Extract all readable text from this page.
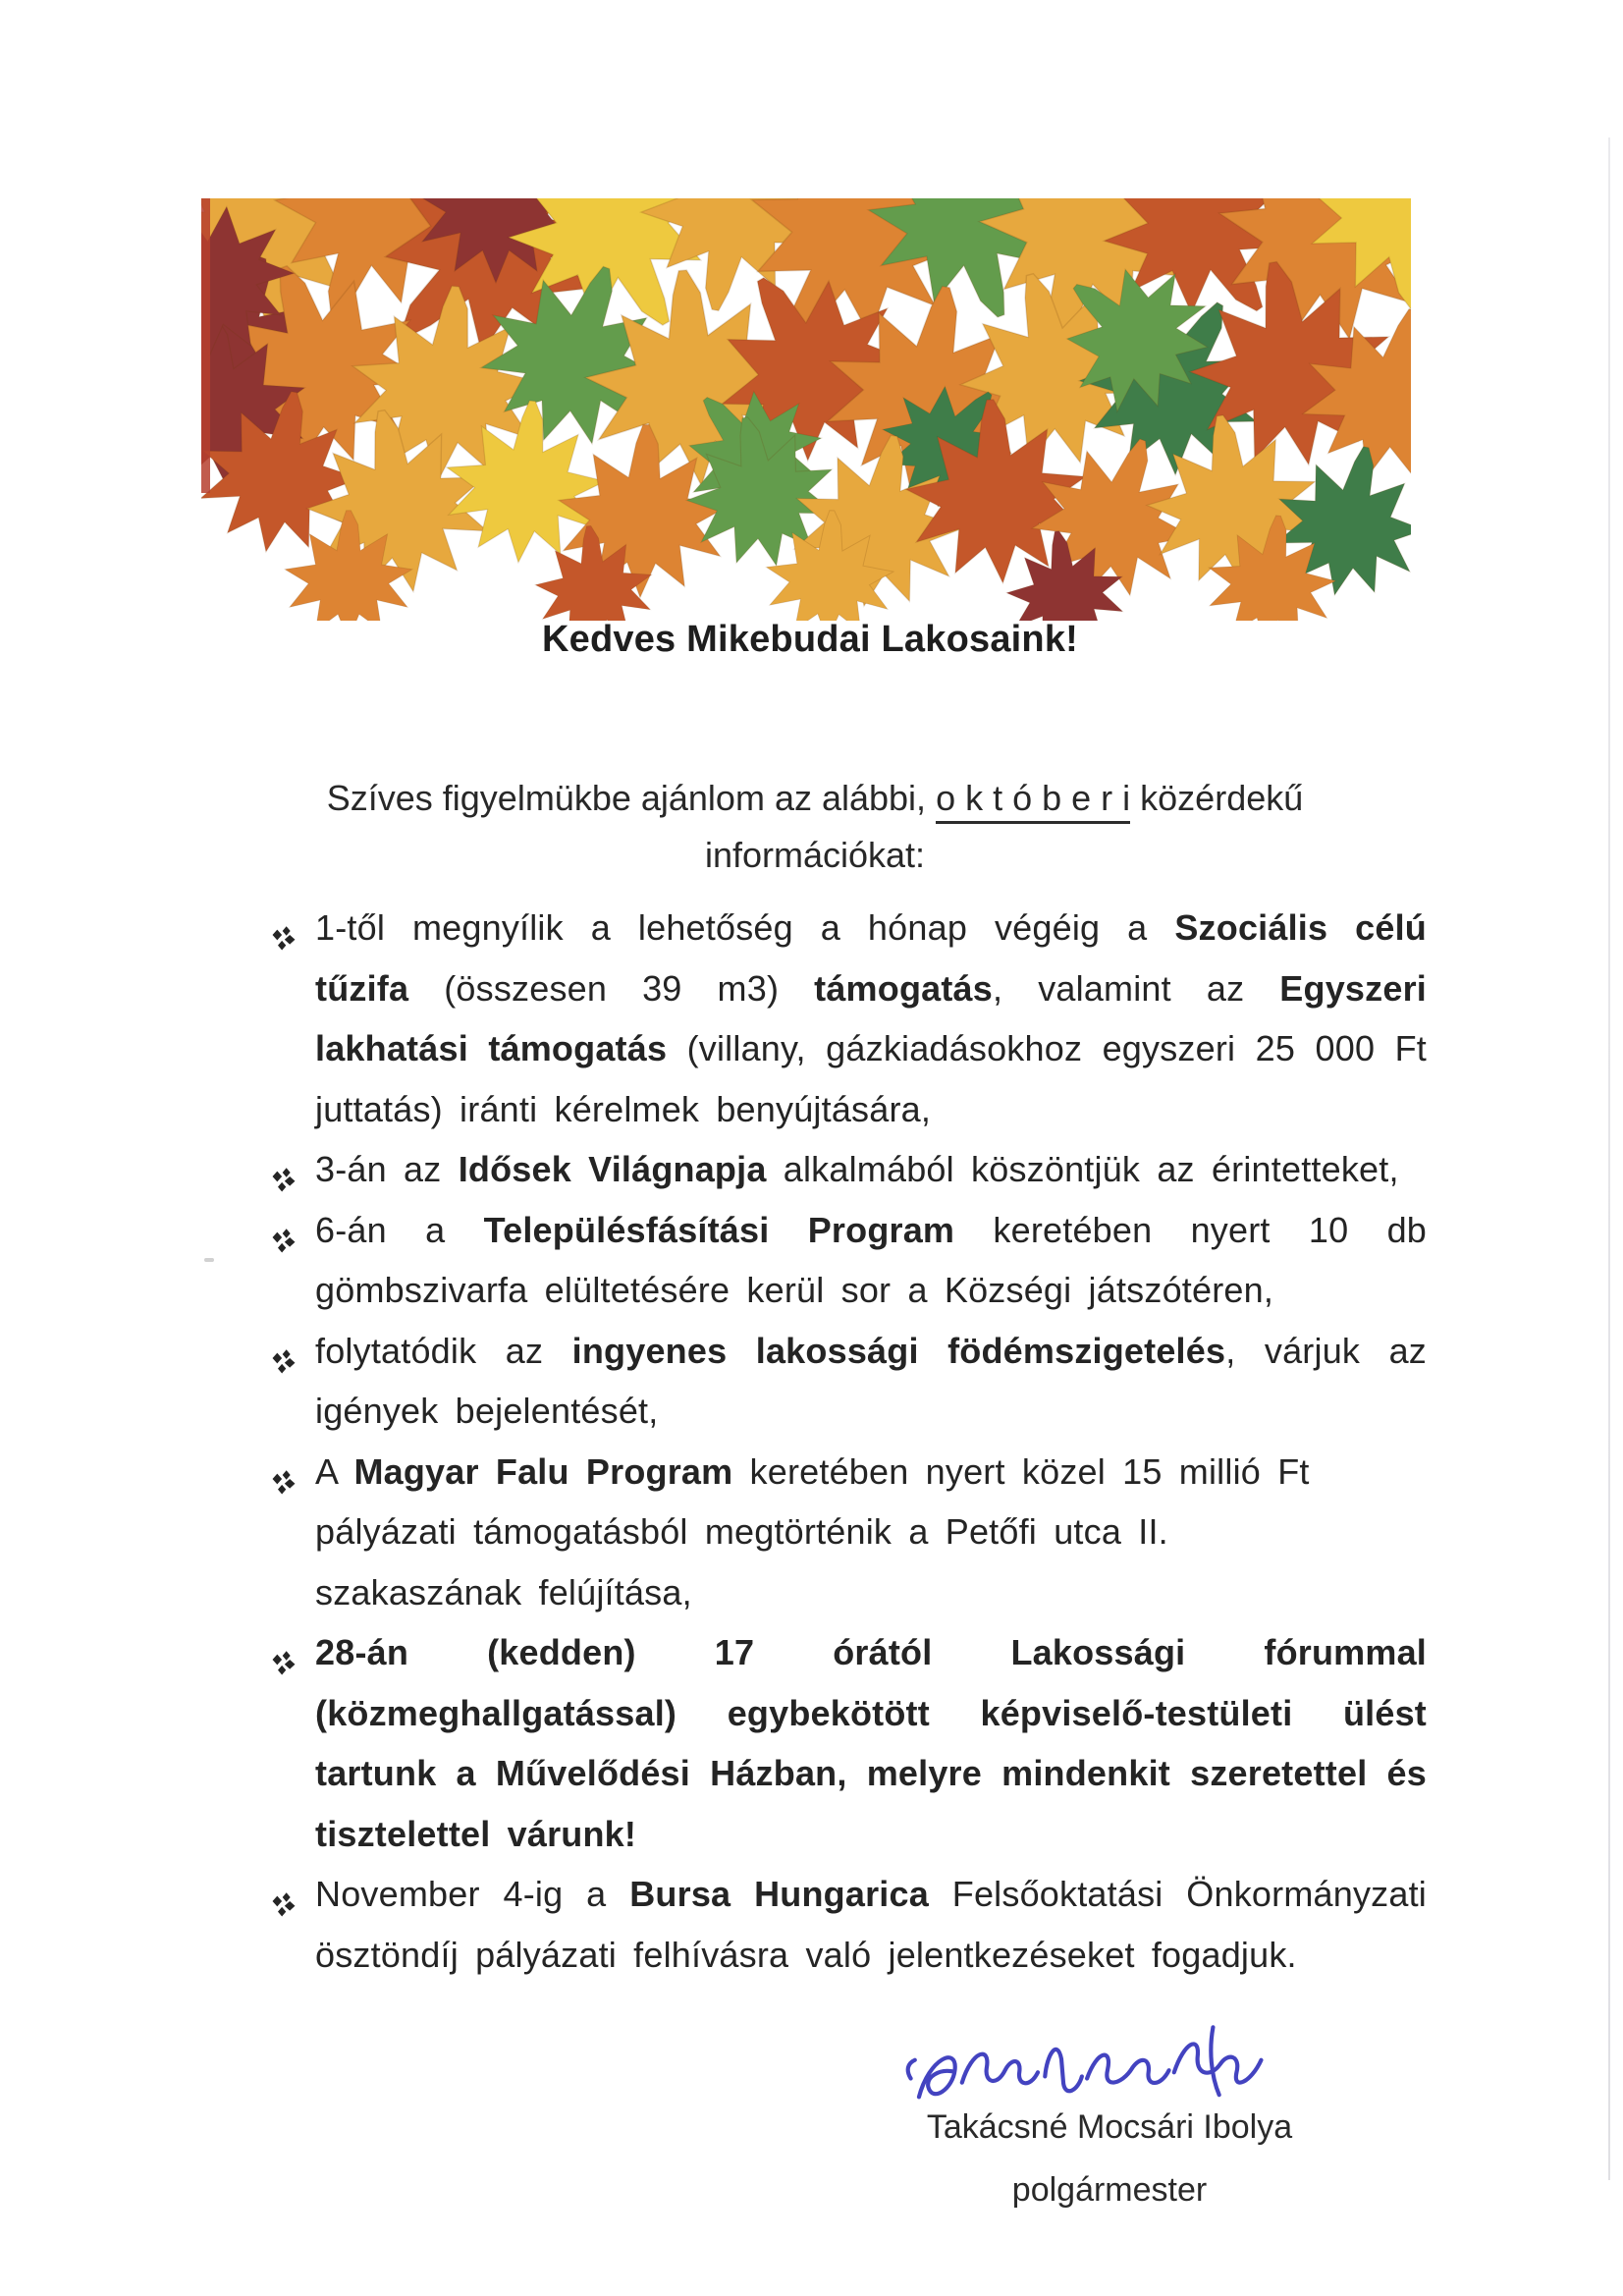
Kedves Mikebudai Lakosaink!
Szíves figyelmükbe ajánlom az alábbi, o k t ó b e r i közérdekű
információkat:
1-től megnyílik a lehetőség a hónap végéig a Szociális célú tűzifa (összesen 39 m3) támogatás, valamint az Egyszeri lakhatási támogatás (villany, gázkiadásokhoz egyszeri 25 000 Ft juttatás) iránti kérelmek benyújtására,
3-án az Idősek Világnapja alkalmából köszöntjük az érintetteket,
6-án a Településfásítási Program keretében nyert 10 db gömbszivarfa elültetésére kerül sor a Községi játszótéren,
folytatódik az ingyenes lakossági födémszigetelés, várjuk az igények bejelentését,
A Magyar Falu Program keretében nyert közel 15 millió Ft
pályázati támogatásból megtörténik a Petőfi utca II.
szakaszának felújítása,
28-án (kedden) 17 órától Lakossági fórummal (közmeghallgatással) egybekötött képviselő-testületi ülést tartunk a Művelődési Házban, melyre mindenkit szeretettel és tisztelettel várunk!
November 4-ig a Bursa Hungarica Felsőoktatási Önkormányzati ösztöndíj pályázati felhívásra való jelentkezéseket fogadjuk.
Takácsné Mocsári Ibolya
polgármester
